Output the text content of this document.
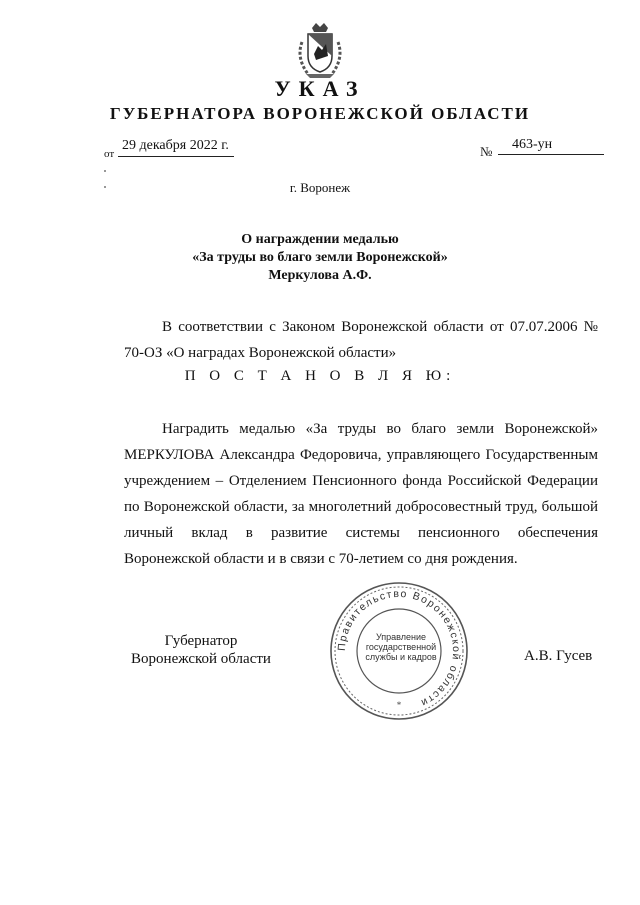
УКАЗ
ГУБЕРНАТОРА ВОРОНЕЖСКОЙ ОБЛАСТИ
от
29 декабря 2022 г.	№ 463-ун
г. Воронеж
О награждении медалью
«За труды во благо земли Воронежской»
Меркулова А.Ф.
В соответствии с Законом Воронежской области от 07.07.2006 № 70-ОЗ «О наградах Воронежской области»
П О С Т А Н О В Л Я Ю:
Наградить медалью «За труды во благо земли Воронежской» МЕРКУЛОВА Александра Федоровича, управляющего Государственным учреждением – Отделением Пенсионного фонда Российской Федерации по Воронежской области, за многолетний добросовестный труд, большой личный вклад в развитие системы пенсионного обеспечения Воронежской области и в связи с 70-летием со дня рождения.
Губернатор
Воронежской области	А.В. Гусев
Правительство Воронежской области
*
Управление
государственной
службы и кадров
